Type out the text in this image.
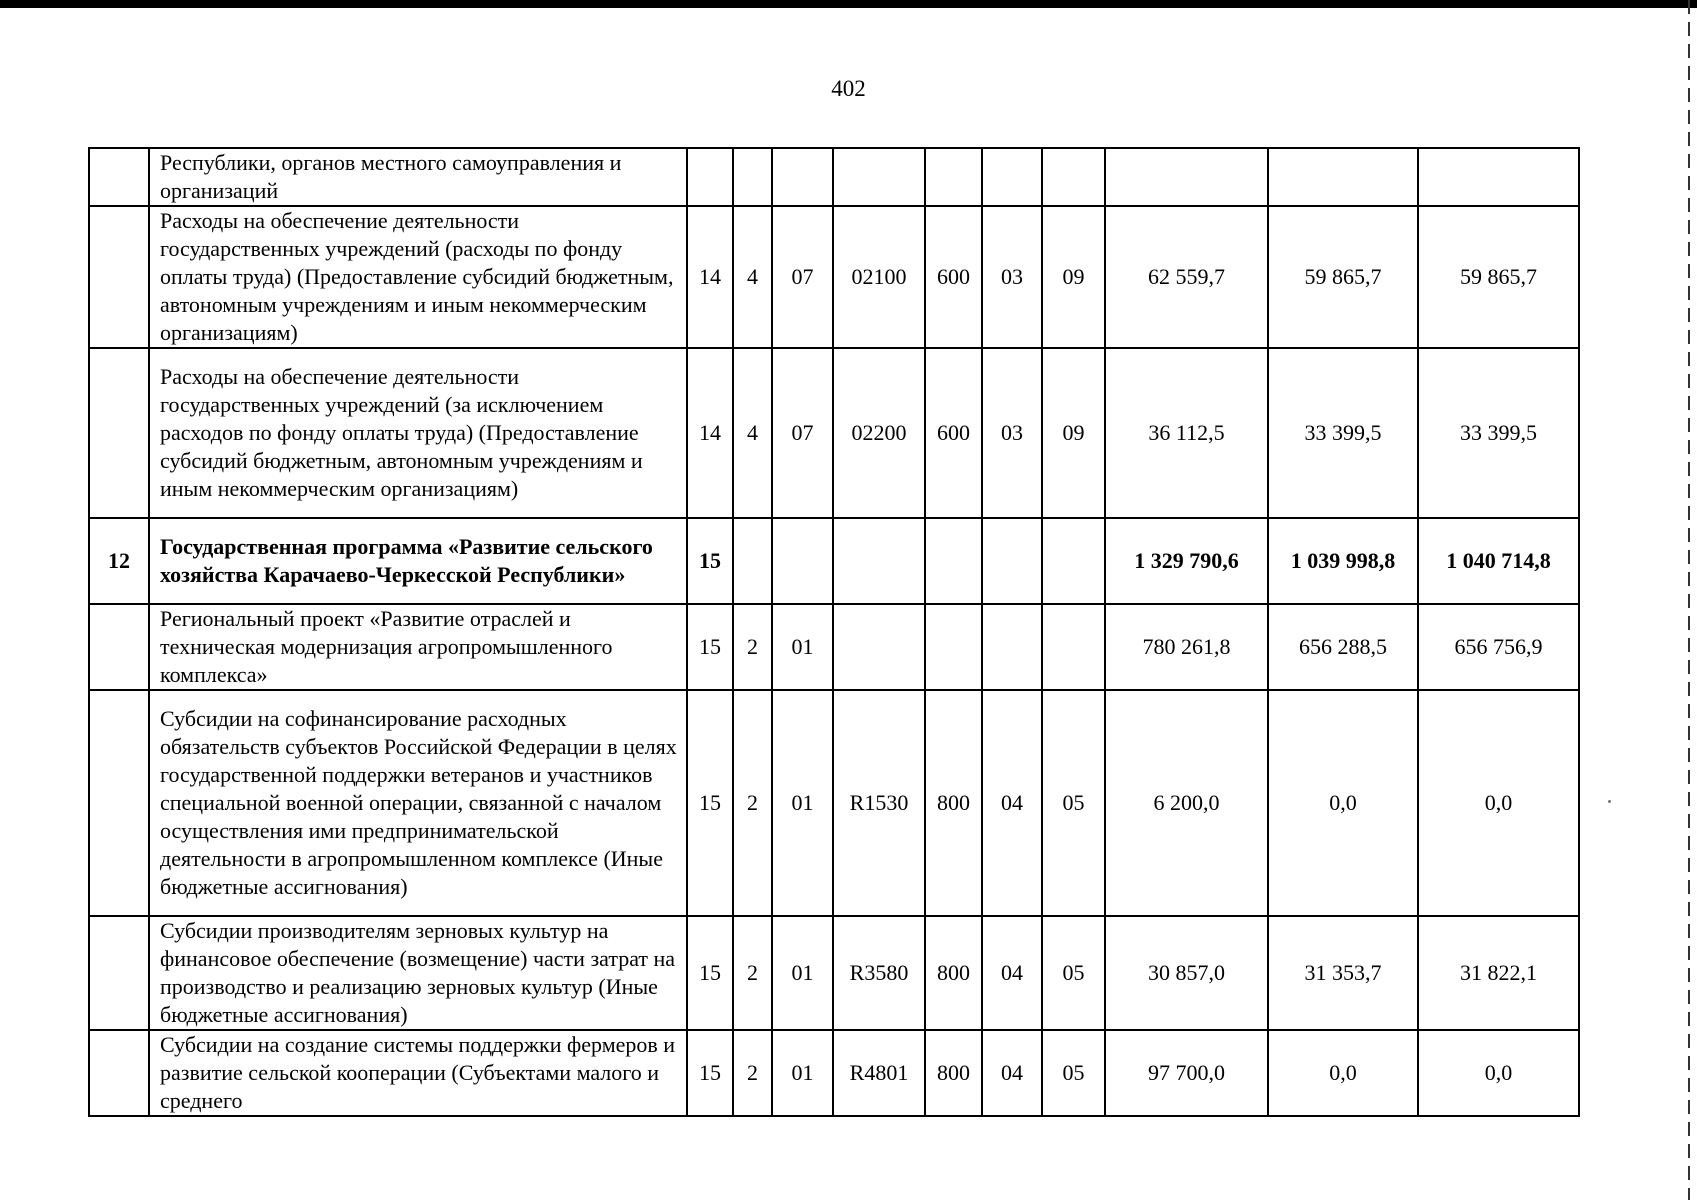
402
	Республики, органов местного самоуправления и организаций										
	Расходы на обеспечение деятельности государственных учреждений (расходы по фонду оплаты труда) (Предоставление субсидий бюджетным, автономным учреждениям и иным некоммерческим организациям)	14	4	07	02100	600	03	09	62 559,7	59 865,7	59 865,7
	Расходы на обеспечение деятельности государственных учреждений (за исключением расходов по фонду оплаты труда) (Предоставление субсидий бюджетным, автономным учреждениям и иным некоммерческим организациям)	14	4	07	02200	600	03	09	36 112,5	33 399,5	33 399,5
12	Государственная программа «Развитие сельского хозяйства Карачаево-Черкесской Республики»	15							1 329 790,6	1 039 998,8	1 040 714,8
	Региональный проект «Развитие отраслей и техническая модернизация агропромышленного комплекса»	15	2	01					780 261,8	656 288,5	656 756,9
	Субсидии на софинансирование расходных обязательств субъектов Российской Федерации в целях государственной поддержки ветеранов и участников специальной военной операции, связанной с началом осуществления ими предпринимательской деятельности в агропромышленном комплексе (Иные бюджетные ассигнования)	15	2	01	R1530	800	04	05	6 200,0	0,0	0,0
	Субсидии производителям зерновых культур на финансовое обеспечение (возмещение) части затрат на производство и реализацию зерновых культур (Иные бюджетные ассигнования)	15	2	01	R3580	800	04	05	30 857,0	31 353,7	31 822,1
	Субсидии на создание системы поддержки фермеров и развитие сельской кооперации (Субъектами малого и среднего	15	2	01	R4801	800	04	05	97 700,0	0,0	0,0
